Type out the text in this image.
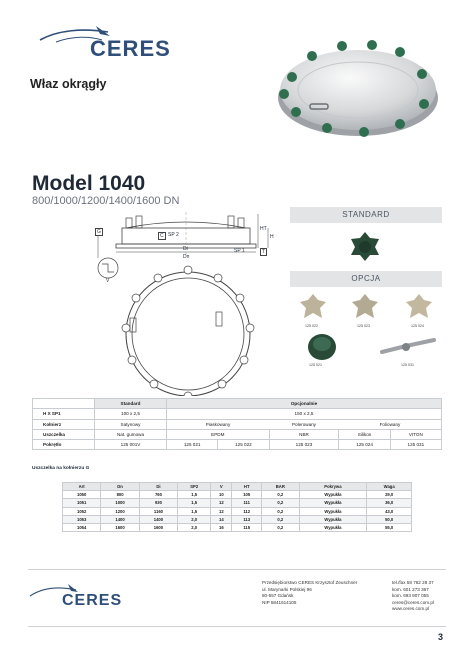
CERES
Właz okrągły
Model 1040
800/1000/1200/1400/1600 DN
G
C SP 2
SP 1
Di
Dn
HT
H
T
V
STANDARD
OPCJA
125 022	125 023	125 024
125 021	125 031
	Standard	Opcjonalnie				
H X SP1	100 x 2,5	150 x 2,5				
Kołnierz	Satynowy	Piaskowany		Polerowany	Foliowany	
Uszczelka	Nat. gumowa	EPDM		NBR	Silikon	VITON
Pokrętło	125 001V	125 021	125 022	125 023	125 024	125 031
Uszczelka na kołnierzu G
Art	Dn	Di	SP2	V	HT	BAR	Pokrywa	Waga
1050	800	760	1,5	10	105	0,2	Wypukła	29,0
1051	1000	930	1,5	12	111	0,2	Wypukła	36,0
1052	1200	1160	1,5	12	112	0,2	Wypukła	43,0
1053	1400	1400	2,0	14	113	0,2	Wypukła	50,0
1054	1600	1600	2,0	16	115	0,2	Wypukła	55,0
CERES
Przedsiębiorstwo CERES Krzysztof Zeuschner
ul. Marynarki Polskiej 96
80-557 Gdańsk
NIP 5841614105
tel./fax 58 762 28 37
kom. 601 273 367
kom. 693 907 055
ceres@ceres.com.pl
www.ceres.com.pl
3
